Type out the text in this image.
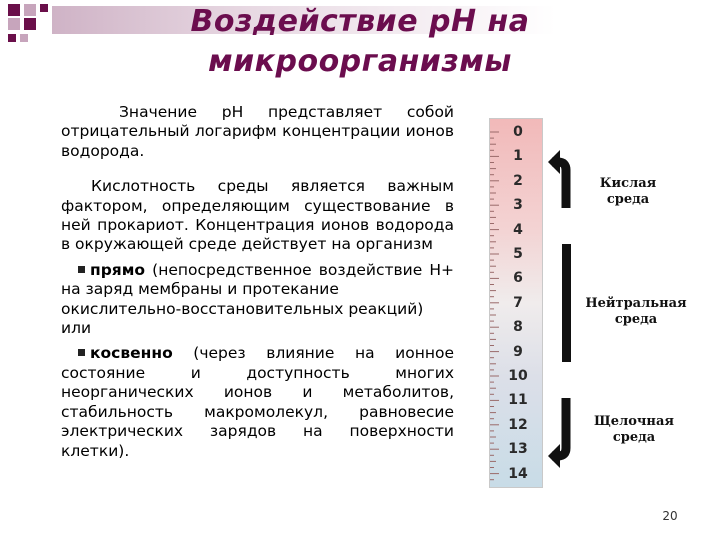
Воздействие рН на
микроорганизмы

Значение рН представляет собой отрицательный логарифм концентрации ионов водорода.

Кислотность среды является важным фактором, определяющим существование в ней прокариот. Концентрация ионов водорода в окружающей среде действует на организм

прямо (непосредственное воздействие Н+ на заряд мембраны и протекание
окислительно-восстановительных реакций) или
косвенно (через влияние на ионное состояние и доступность многих неорганических ионов и метаболитов, стабильность макромолекул, равновесие электрических зарядов на поверхности клетки).
0
1
2
3
4
5
6
7
8
9
10
11
12
13
14
Кислая среда
Нейтральная среда
Щелочная среда
20
